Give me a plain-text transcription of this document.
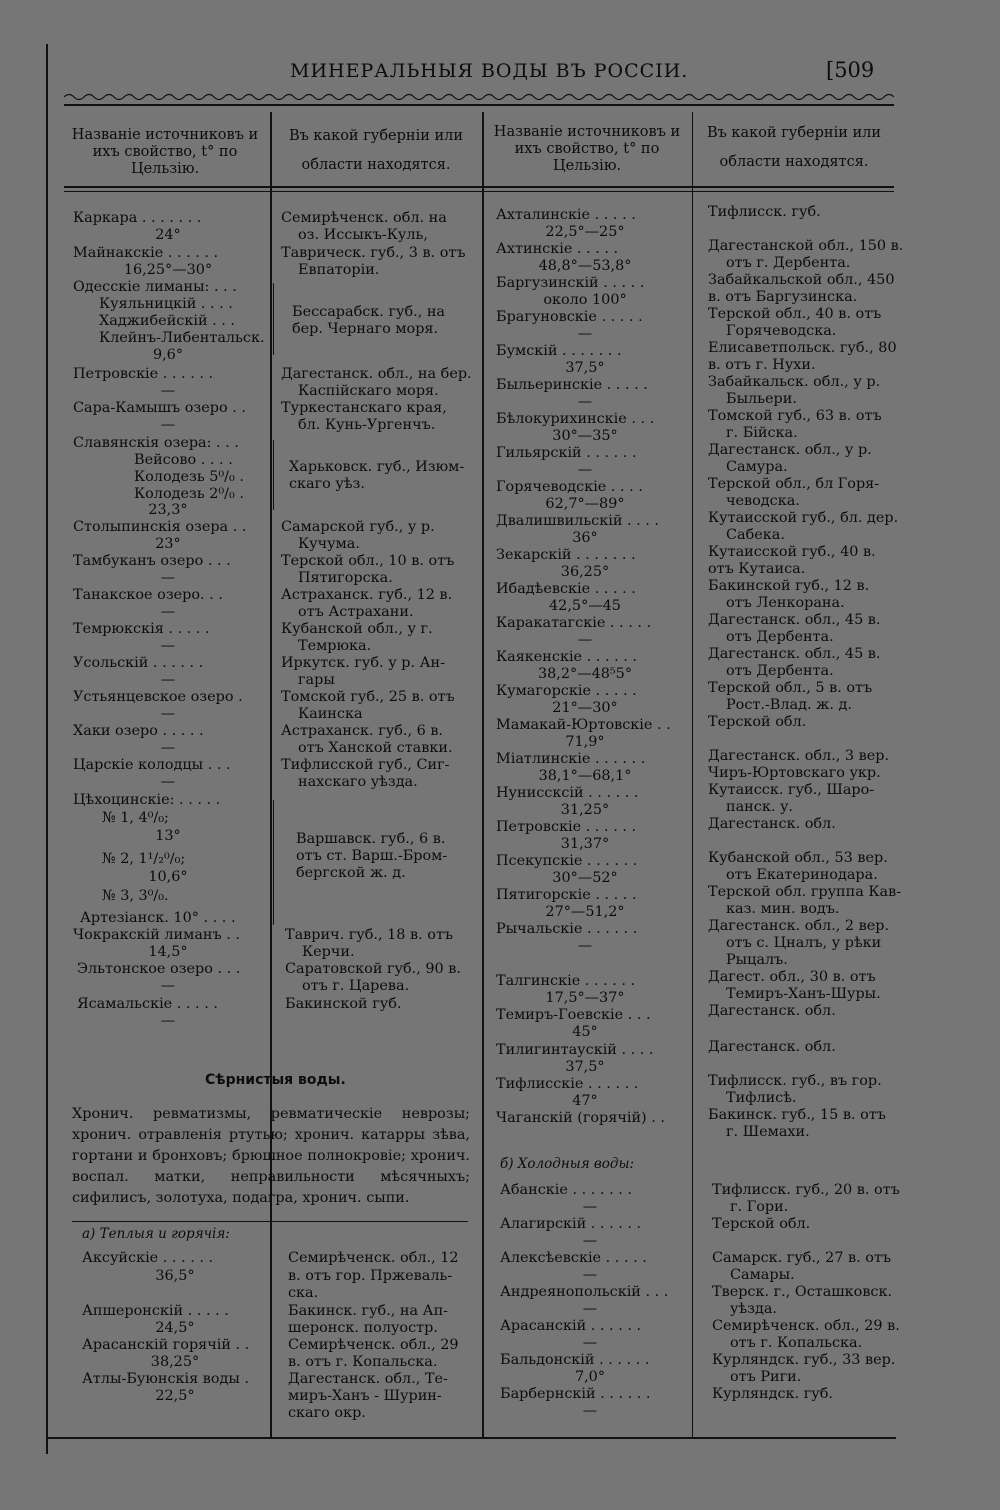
МИНЕРАЛЬНЫЯ ВОДЫ ВЪ РОССІИ.	[509
Названіе источниковъ и
ихъ свойство, t° по
Цельзію.
Въ какой губерніи или
области находятся.
Названіе источниковъ и
ихъ свойство, t° по
Цельзію.
Въ какой губерніи или
области находятся.
Сѣрнистыя воды.
Хронич. ревматизмы, ревматическіе неврозы; хронич. отравленія ртутью; хронич. катарры зѣва, гортани и бронховъ; брюшное полнокровіе; хронич. воспал. матки, неправильности мѣсячныхъ; сифилисъ, золотуха, подагра, хронич. сыпи.
а) Теплыя и горячія:
б) Холодныя воды:
Каркара . . . . . . .
24°
Майнакскіе . . . . . .
16,25°—30°
Одесскіе лиманы: . . .
Куяльницкій . . . .
Хаджибейскій . . .
Клейнъ-Либентальск.
9,6°
Петровскіе . . . . . .
—
Сара-Камышъ озеро . .
—
Славянскія озера: . . .
Вейсово . . . .
Колодезь 5⁰/₀ .
Колодезь 2⁰/₀ .
23,3°
Столыпинскія озера . .
23°
Тамбуканъ озеро . . .
—
Танакское озеро. . .
—
Темрюкскія . . . . .
—
Усольскій . . . . . .
—
Устьянцевское озеро .
—
Хаки озеро . . . . .
—
Царскіе колодцы . . .
—
Цѣхоцинскіе: . . . . .
№ 1, 4⁰/₀;
13°
№ 2, 1¹/₂⁰/₀;
10,6°
№ 3, 3⁰/₀.
Артезіанск. 10° . . . .
Чокракскій лиманъ . .
14,5°
Эльтонское озеро . . .
—
Ясамальскіе . . . . .
—
Семирѣченск. обл. на
оз. Иссыкъ-Куль,
Таврическ. губ., 3 в. отъ
Евпаторіи.
Бессарабск. губ., на
бер. Чернаго моря.
Дагестанск. обл., на бер.
Каспійскаго моря.
Туркестанскаго края,
бл. Кунь-Ургенчъ.
Харьковск. губ., Изюм-
скаго уѣз.
Самарской губ., у р.
Кучума.
Терской обл., 10 в. отъ
Пятигорска.
Астраханск. губ., 12 в.
отъ Астрахани.
Кубанской обл., у г.
Темрюка.
Иркутск. губ. у р. Ан-
гары
Томской губ., 25 в. отъ
Каинска
Астраханск. губ., 6 в.
отъ Ханской ставки.
Тифлисской губ., Сиг-
нахскаго уѣзда.
Варшавск. губ., 6 в.
отъ ст. Варш.-Бром-
бергской ж. д.
Таврич. губ., 18 в. отъ
Керчи.
Саратовской губ., 90 в.
отъ г. Царева.
Бакинской губ.
Аксуйскіе . . . . . .
36,5°
Апшеронскій . . . . .
24,5°
Арасанскій горячій . .
38,25°
Атлы-Буюнскія воды .
22,5°
Семирѣченск. обл., 12
в. отъ гор. Пржеваль-
ска.
Бакинск. губ., на Ап-
шеронск. полуостр.
Семирѣченск. обл., 29
в. отъ г. Копальска.
Дагестанск. обл., Те-
миръ-Ханъ - Шурин-
скаго окр.
Ахталинскіе . . . . .
22,5°—25°
Ахтинскіе . . . . .
48,8°—53,8°
Баргузинскій . . . . .
около 100°
Брагуновскіе . . . . .
—
Бумскій . . . . . . .
37,5°
Быльеринскіе . . . . .
—
Бѣлокурихинскіе . . .
30°—35°
Гильярскій . . . . . .
—
Горячеводскіе . . . .
62,7°—89°
Двалишвильскій . . . .
36°
Зекарскій . . . . . . .
36,25°
Ибадѣевскіе . . . . .
42,5°—45
Каракатагскіе . . . . .
—
Каякенскіе . . . . . .
38,2°—48⁵5°
Кумагорскіе . . . . .
21°—30°
Мамакай-Юртовскіе . .
71,9°
Міатлинскіе . . . . . .
38,1°—68,1°
Нуниссксій . . . . . .
31,25°
Петровскіе . . . . . .
31,37°
Псекупскіе . . . . . .
30°—52°
Пятигорскіе . . . . .
27°—51,2°
Рычальскіе . . . . . .
—
Талгинскіе . . . . . .
17,5°—37°
Темиръ-Гоевскіе . . .
45°
Тилигинтаускій . . . .
37,5°
Тифлисскіе . . . . . .
47°
Чаганскій (горячій) . .
Тифлисск. губ.
Дагестанской обл., 150 в.
отъ г. Дербента.
Забайкальской обл., 450
в. отъ Баргузинска.
Терской обл., 40 в. отъ
Горячеводска.
Елисаветпольск. губ., 80
в. отъ г. Нухи.
Забайкальск. обл., у р.
Быльери.
Томской губ., 63 в. отъ
г. Бійска.
Дагестанск. обл., у р.
Самура.
Терской обл., бл Горя-
чеводска.
Кутаисской губ., бл. дер.
Сабека.
Кутаисской губ., 40 в.
отъ Кутаиса.
Бакинской губ., 12 в.
отъ Ленкорана.
Дагестанск. обл., 45 в.
отъ Дербента.
Дагестанск. обл., 45 в.
отъ Дербента.
Терской обл., 5 в. отъ
Рост.-Влад. ж. д.
Терской обл.
Дагестанск. обл., 3 вер.
Чиръ-Юртовскаго укр.
Кутаисск. губ., Шаро-
панск. у.
Дагестанск. обл.
Кубанской обл., 53 вер.
отъ Екатеринодара.
Терской обл. группа Кав-
каз. мин. водъ.
Дагестанск. обл., 2 вер.
отъ с. Цналъ, у рѣки
Рыцалъ.
Дагест. обл., 30 в. отъ
Темиръ-Ханъ-Шуры.
Дагестанск. обл.
Дагестанск. обл.
Тифлисск. губ., въ гор.
Тифлисѣ.
Бакинск. губ., 15 в. отъ
г. Шемахи.
Абанскіе . . . . . . .
—
Алагирскій . . . . . .
—
Алексѣевскіе . . . . .
—
Андреянопольскій . . .
—
Арасанскій . . . . . .
—
Бальдонскій . . . . . .
7,0°
Барбернскій . . . . . .
—
Тифлисск. губ., 20 в. отъ
г. Гори.
Терской обл.
Самарск. губ., 27 в. отъ
Самары.
Тверск. г., Осташковск.
уѣзда.
Семирѣченск. обл., 29 в.
отъ г. Копальска.
Курляндск. губ., 33 вер.
отъ Риги.
Курляндск. губ.
